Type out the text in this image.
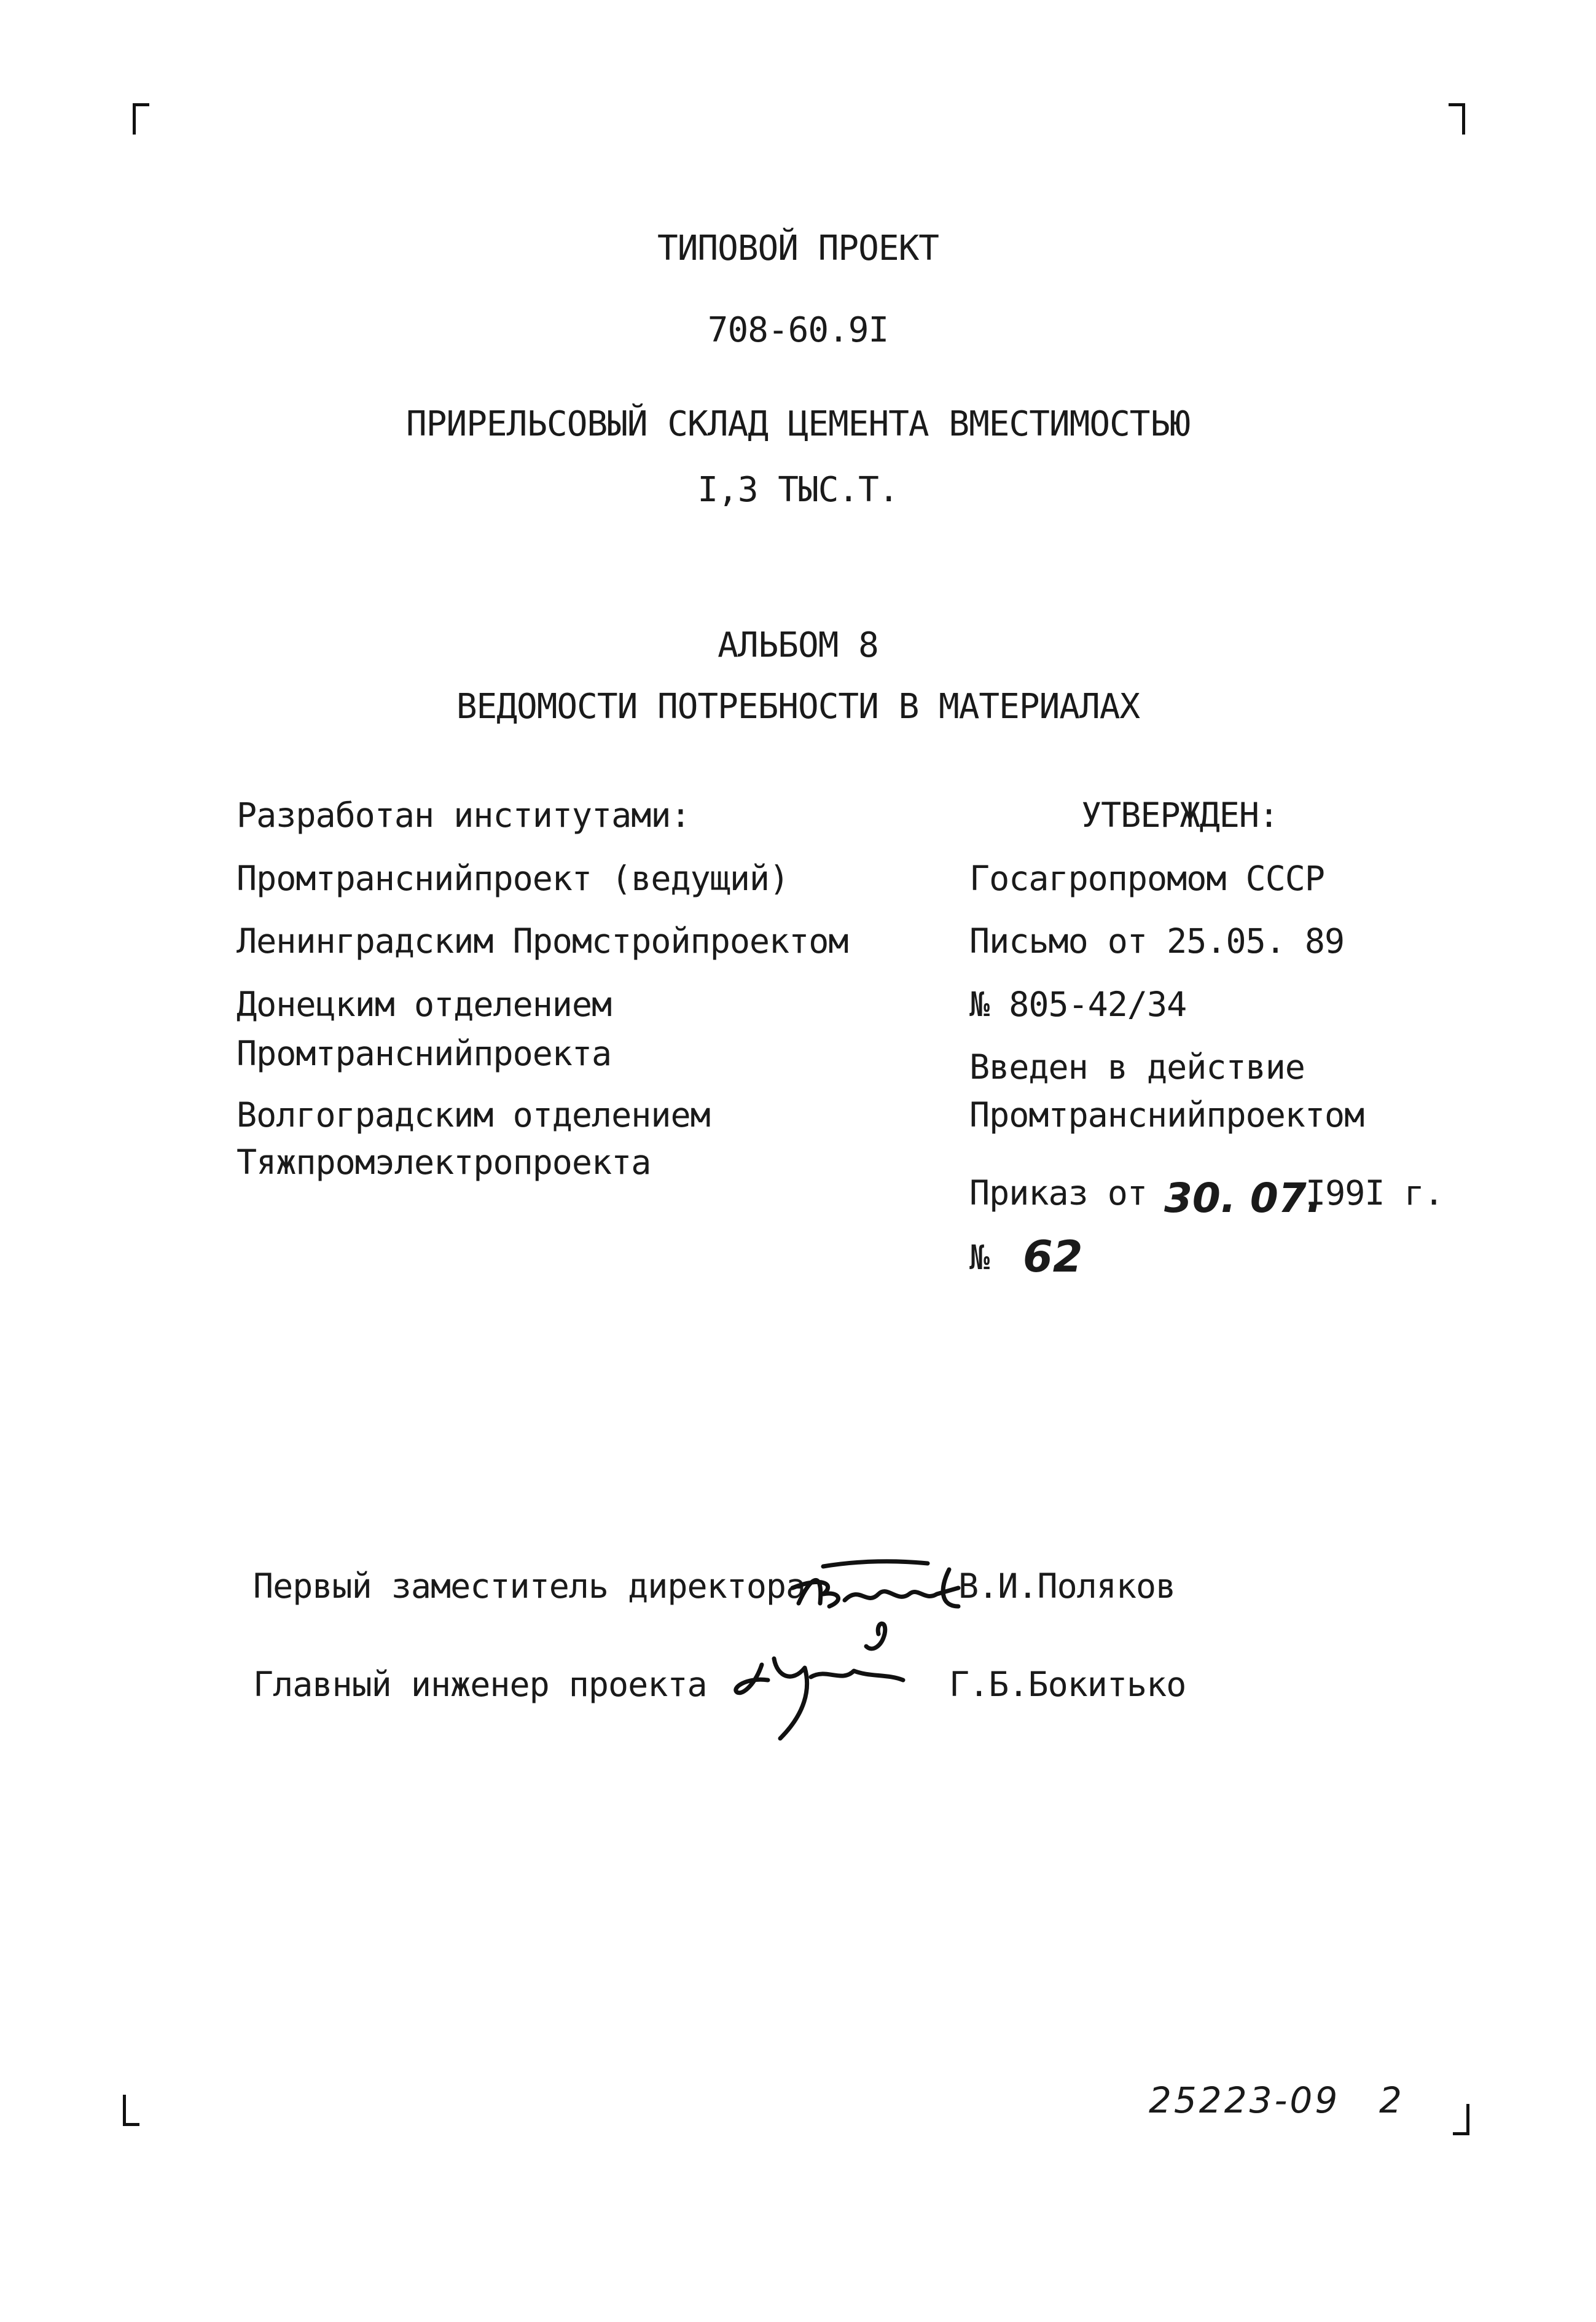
ТИПОВОЙ ПРОЕКТ
708-60.9I
ПРИРЕЛЬСОВЫЙ СКЛАД ЦЕМЕНТА ВМЕСТИМОСТЬЮ
I,3 ТЫС.Т.
АЛЬБОМ 8
ВЕДОМОСТИ ПОТРЕБНОСТИ В МАТЕРИАЛАХ
Разработан институтами:
Промтранснийпроект (ведущий)
Ленинградским Промстройпроектом
Донецким отделением
Промтранснийпроекта
Волгоградским отделением
Тяжпромэлектропроекта
УТВЕРЖДЕН:
Госагропромом СССР
Письмо от 25.05. 89
№ 805-42/34
Введен в действие
Промтранснийпроектом
Приказ от 30. 07.
I99I г.
№ 62
Первый заместитель директора	В.И.Поляков
Главный инженер проекта	Г.Б.Бокитько
25223-09 2
